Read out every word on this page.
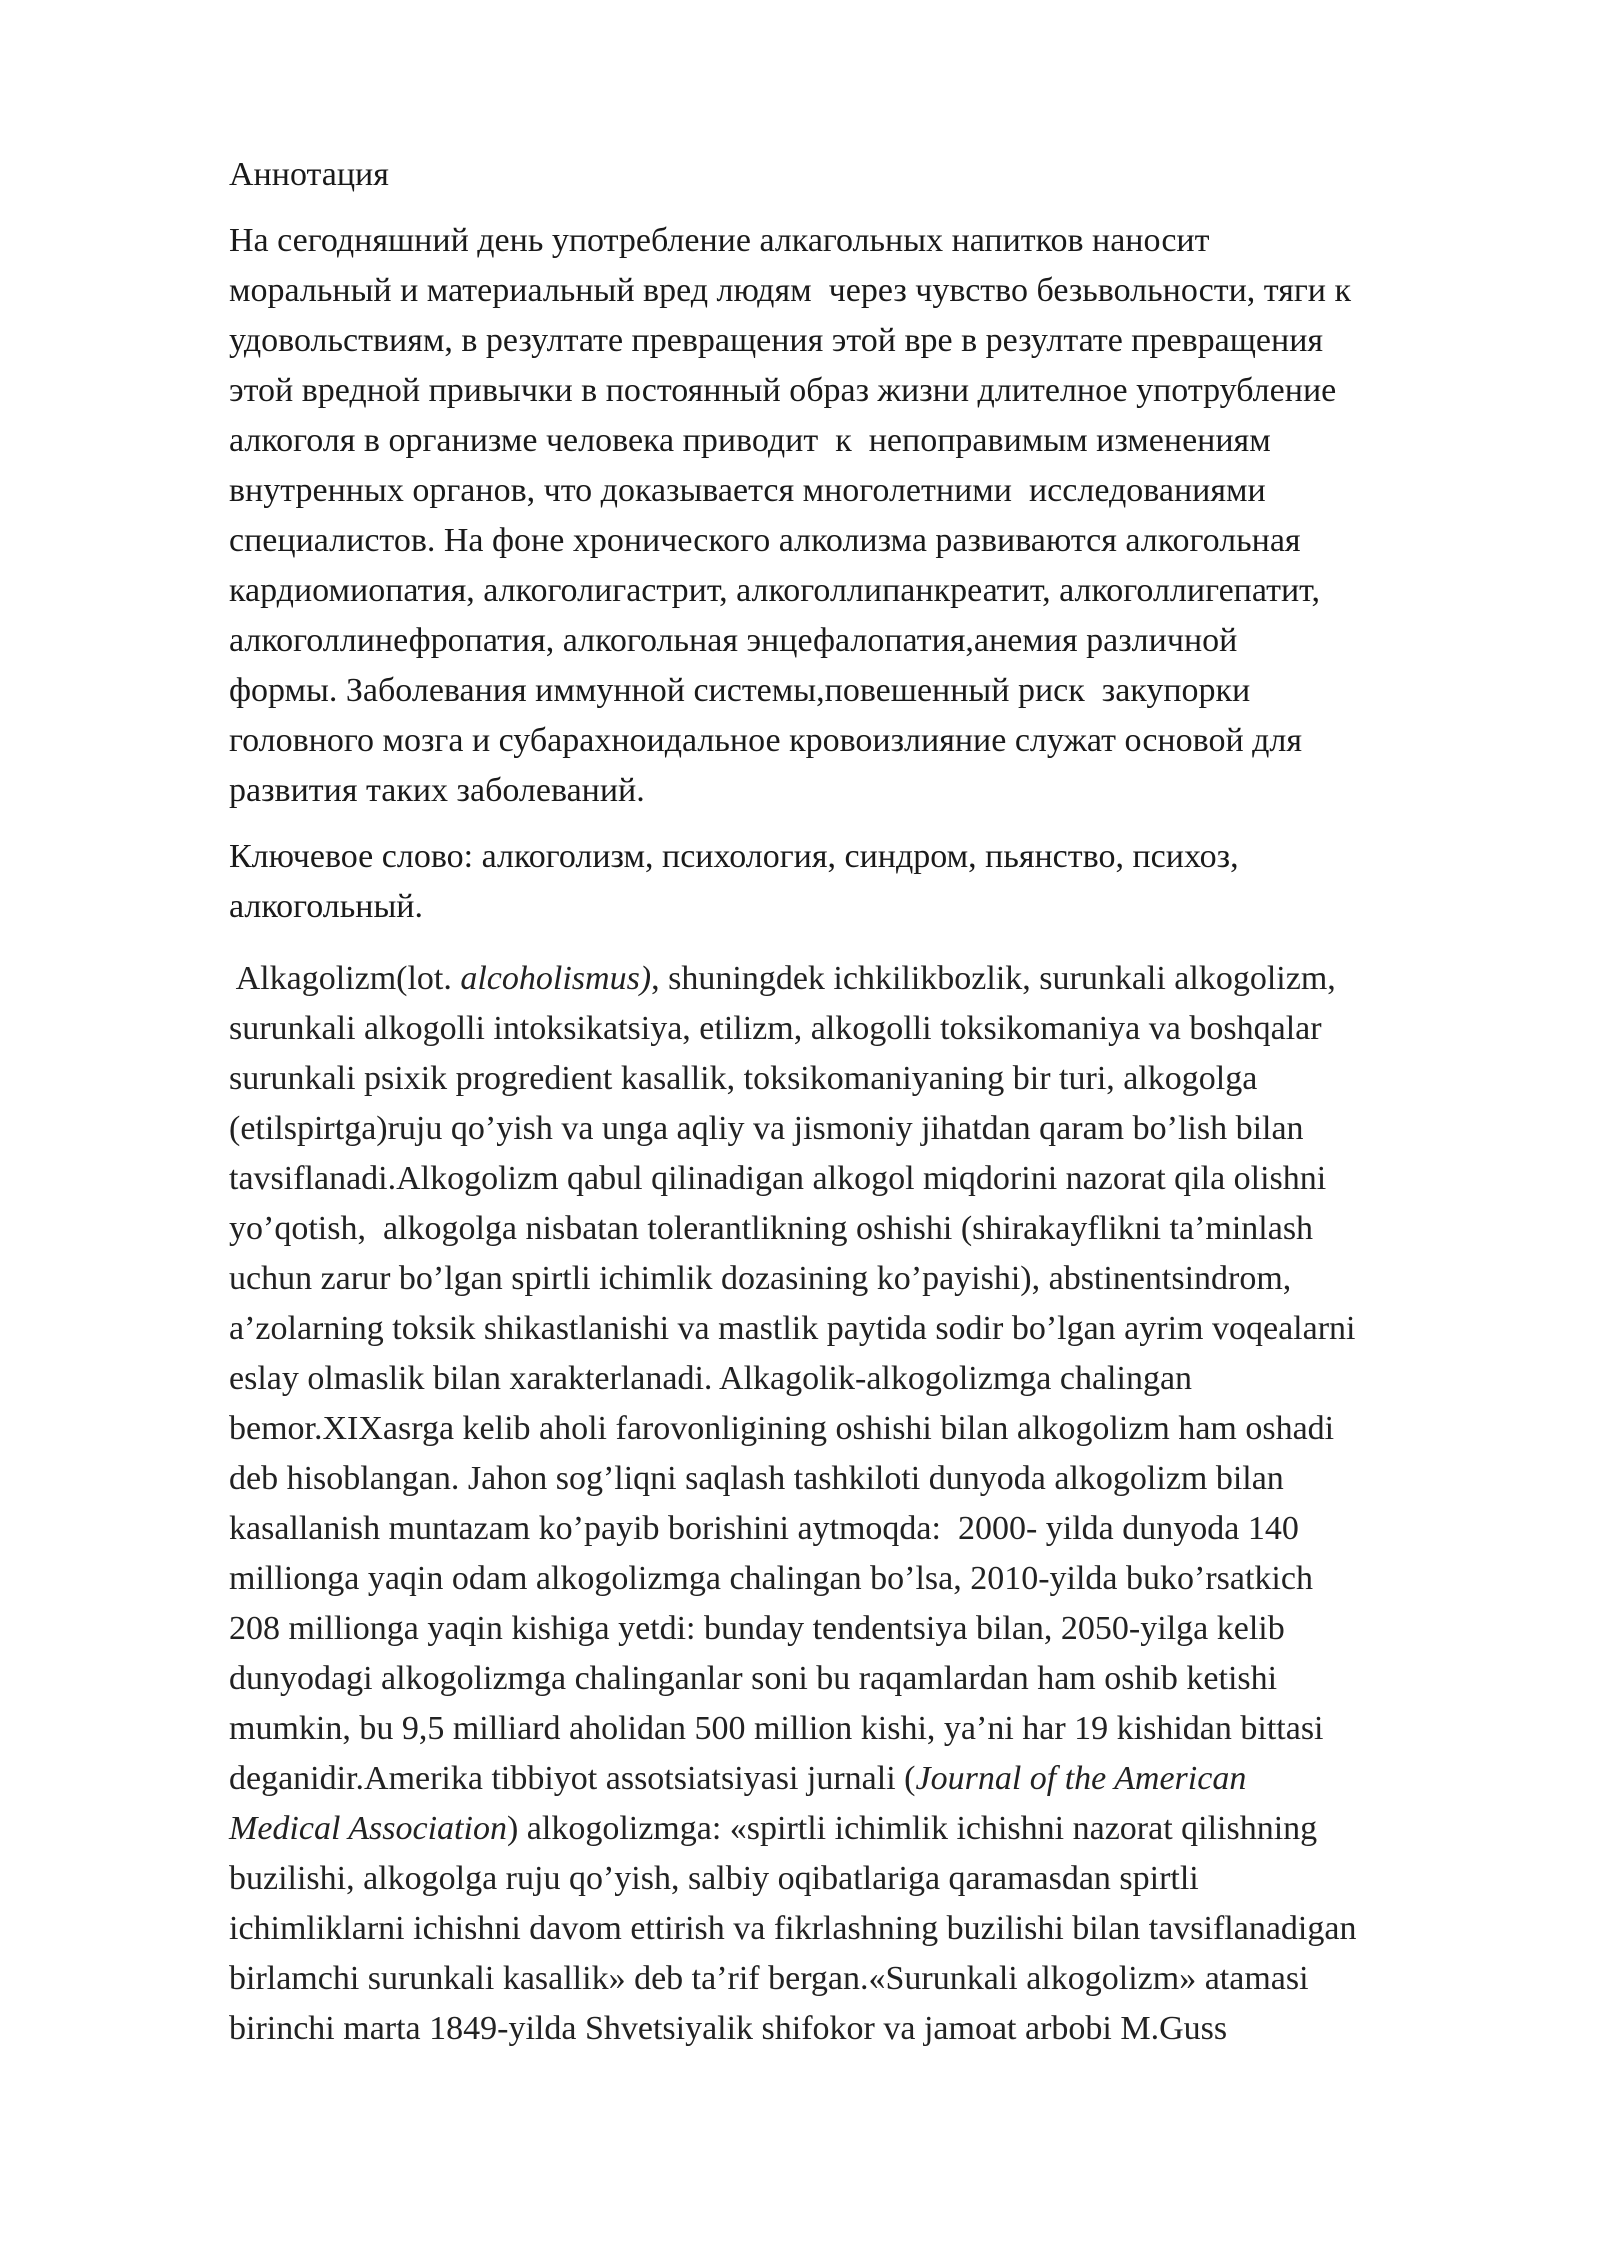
Аннотация
На сегодняшний день употребление алкагольных напитков наносит
моральный и материальный вред людям  через чувство безьвольности, тяги к
удовольствиям, в резултате превращения этой вре в резултате превращения
этой вредной привычки в постоянный образ жизни длителное употрубление
алкоголя в организме человека приводит  к  непоправимым изменениям
внутренных органов, что доказывается многолетними  исследованиями
специалистов. На фоне хронического алколизма развиваются алкогольная
кардиомиопатия, алкоголигастрит, алкоголлипанкреатит, алкоголлигепатит,
алкоголлинефропатия, алкогольная энцефалопатия,анемия различной
формы. Заболевания иммунной системы,повешенный риск  закупорки
головного мозга и субарахноидальное кровоизлияние служат основой для
развития таких заболеваний.
Ключевое слово: алкоголизм, психология, синдром, пьянство, психоз,
алкогольный.
Alkagolizm(lot. alcoholismus), shuningdek ichkilikbozlik, surunkali alkogolizm,
surunkali alkogolli intoksikatsiya, etilizm, alkogolli toksikomaniya va boshqalar
surunkali psixik progredient kasallik, toksikomaniyaning bir turi, alkogolga
(etilspirtga)ruju qo’yish va unga aqliy va jismoniy jihatdan qaram bo’lish bilan
tavsiflanadi.Alkogolizm qabul qilinadigan alkogol miqdorini nazorat qila olishni
yo’qotish,  alkogolga nisbatan tolerantlikning oshishi (shirakayflikni ta’minlash
uchun zarur bo’lgan spirtli ichimlik dozasining ko’payishi), abstinentsindrom,
a’zolarning toksik shikastlanishi va mastlik paytida sodir bo’lgan ayrim voqealarni
eslay olmaslik bilan xarakterlanadi. Alkagolik-alkogolizmga chalingan
bemor.XIXasrga kelib aholi farovonligining oshishi bilan alkogolizm ham oshadi
deb hisoblangan. Jahon sog’liqni saqlash tashkiloti dunyoda alkogolizm bilan
kasallanish muntazam ko’payib borishini aytmoqda:  2000- yilda dunyoda 140
millionga yaqin odam alkogolizmga chalingan bo’lsa, 2010-yilda buko’rsatkich
208 millionga yaqin kishiga yetdi: bunday tendentsiya bilan, 2050-yilga kelib
dunyodagi alkogolizmga chalinganlar soni bu raqamlardan ham oshib ketishi
mumkin, bu 9,5 milliard aholidan 500 million kishi, ya’ni har 19 kishidan bittasi
deganidir.Amerika tibbiyot assotsiatsiyasi jurnali (Journal of the American
Medical Association) alkogolizmga: «spirtli ichimlik ichishni nazorat qilishning
buzilishi, alkogolga ruju qo’yish, salbiy oqibatlariga qaramasdan spirtli
ichimliklarni ichishni davom ettirish va fikrlashning buzilishi bilan tavsiflanadigan
birlamchi surunkali kasallik» deb ta’rif bergan.«Surunkali alkogolizm» atamasi
birinchi marta 1849-yilda Shvetsiyalik shifokor va jamoat arbobi M.Guss
